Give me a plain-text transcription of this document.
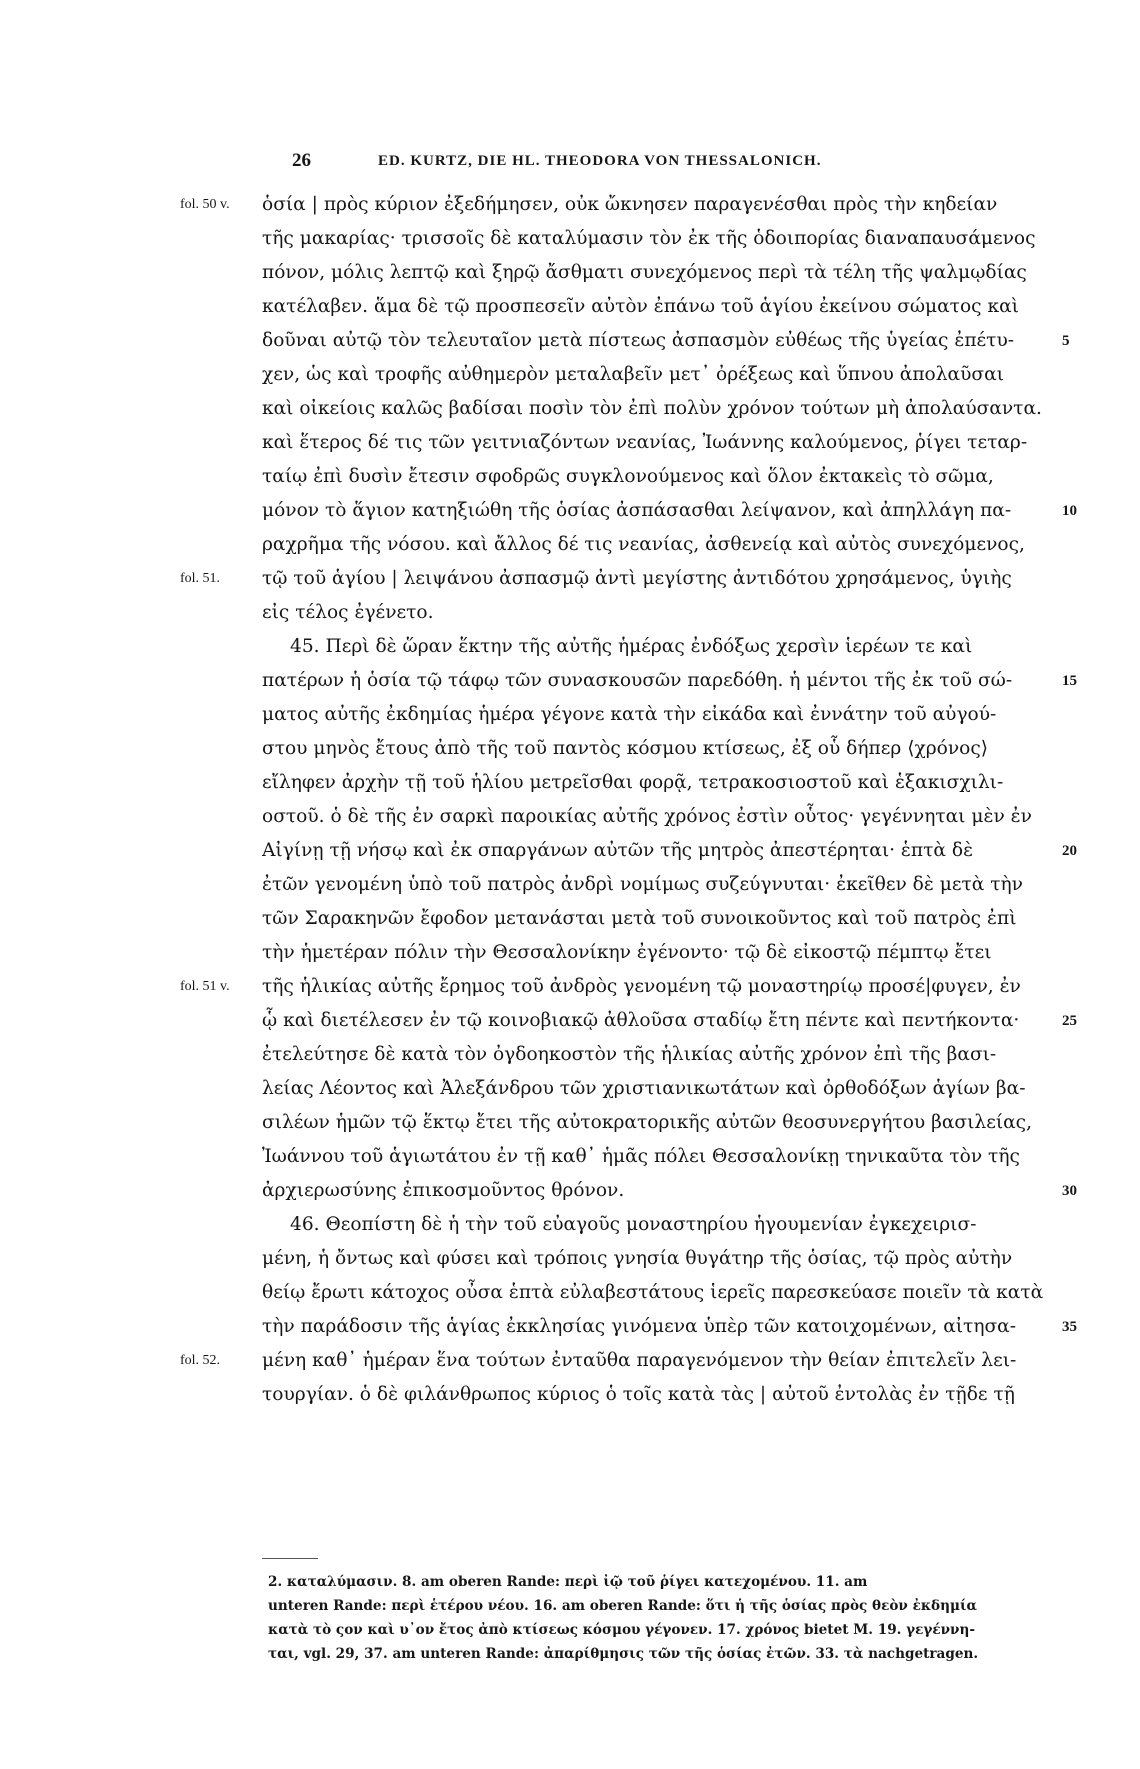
26	ED. KURTZ, DIE HL. THEODORA VON THESSALONICH.
fol. 50 v.
fol. 51.
fol. 51 v.
fol. 52.
5
10
15
20
25
30
35
ὁσία | πρὸς κύριον ἐξεδήμησεν, οὐκ ὤκνησεν παραγενέσθαι πρὸς τὴν κηδείαν
τῆς μακαρίας· τρισσοῖς δὲ καταλύμασιν τὸν ἐκ τῆς ὁδοιπορίας διαναπαυσάμενος
πόνον, μόλις λεπτῷ καὶ ξηρῷ ἄσθματι συνεχόμενος περὶ τὰ τέλη τῆς ψαλμῳδίας
κατέλαβεν. ἅμα δὲ τῷ προσπεσεῖν αὐτὸν ἐπάνω τοῦ ἁγίου ἐκείνου σώματος καὶ
δοῦναι αὐτῷ τὸν τελευταῖον μετὰ πίστεως ἀσπασμὸν εὐθέως τῆς ὑγείας ἐπέτυ-
χεν, ὡς καὶ τροφῆς αὐθημερὸν μεταλαβεῖν μετ᾽ ὀρέξεως καὶ ὕπνου ἀπολαῦσαι
καὶ οἰκείοις καλῶς βαδίσαι ποσὶν τὸν ἐπὶ πολὺν χρόνον τούτων μὴ ἀπολαύσαντα.
καὶ ἕτερος δέ τις τῶν γειτνιαζόντων νεανίας, Ἰωάννης καλούμενος, ῥίγει τεταρ-
ταίῳ ἐπὶ δυσὶν ἔτεσιν σφοδρῶς συγκλονούμενος καὶ ὅλον ἐκτακεὶς τὸ σῶμα,
μόνον τὸ ἅγιον κατηξιώθη τῆς ὁσίας ἀσπάσασθαι λείψανον, καὶ ἀπηλλάγη πα-
ραχρῆμα τῆς νόσου. καὶ ἄλλος δέ τις νεανίας, ἀσθενείᾳ καὶ αὐτὸς συνεχόμενος,
τῷ τοῦ ἁγίου | λειψάνου ἀσπασμῷ ἀντὶ μεγίστης ἀντιδότου χρησάμενος, ὑγιὴς
εἰς τέλος ἐγένετο.
45. Περὶ δὲ ὥραν ἕκτην τῆς αὐτῆς ἡμέρας ἐνδόξως χερσὶν ἱερέων τε καὶ
πατέρων ἡ ὁσία τῷ τάφῳ τῶν συνασκουσῶν παρεδόθη. ἡ μέντοι τῆς ἐκ τοῦ σώ-
ματος αὐτῆς ἐκδημίας ἡμέρα γέγονε κατὰ τὴν εἰκάδα καὶ ἐννάτην τοῦ αὐγού-
στου μηνὸς ἔτους ἀπὸ τῆς τοῦ παντὸς κόσμου κτίσεως, ἐξ οὗ δήπερ ⟨χρόνος⟩
εἴληφεν ἀρχὴν τῇ τοῦ ἡλίου μετρεῖσθαι φορᾷ, τετρακοσιοστοῦ καὶ ἑξακισχιλι-
οστοῦ. ὁ δὲ τῆς ἐν σαρκὶ παροικίας αὐτῆς χρόνος ἐστὶν οὗτος· γεγέννηται μὲν ἐν
Αἰγίνῃ τῇ νήσῳ καὶ ἐκ σπαργάνων αὐτῶν τῆς μητρὸς ἀπεστέρηται· ἑπτὰ δὲ
ἐτῶν γενομένη ὑπὸ τοῦ πατρὸς ἀνδρὶ νομίμως συζεύγνυται· ἐκεῖθεν δὲ μετὰ τὴν
τῶν Σαρακηνῶν ἔφοδον μετανάσται μετὰ τοῦ συνοικοῦντος καὶ τοῦ πατρὸς ἐπὶ
τὴν ἡμετέραν πόλιν τὴν Θεσσαλονίκην ἐγένοντο· τῷ δὲ εἰκοστῷ πέμπτῳ ἔτει
τῆς ἡλικίας αὐτῆς ἔρημος τοῦ ἀνδρὸς γενομένη τῷ μοναστηρίῳ προσέ|φυγεν, ἐν
ᾧ καὶ διετέλεσεν ἐν τῷ κοινοβιακῷ ἀθλοῦσα σταδίῳ ἔτη πέντε καὶ πεντήκοντα·
ἐτελεύτησε δὲ κατὰ τὸν ὀγδοηκοστὸν τῆς ἡλικίας αὐτῆς χρόνον ἐπὶ τῆς βασι-
λείας Λέοντος καὶ Ἀλεξάνδρου τῶν χριστιανικωτάτων καὶ ὀρθοδόξων ἁγίων βα-
σιλέων ἡμῶν τῷ ἕκτῳ ἔτει τῆς αὐτοκρατορικῆς αὐτῶν θεοσυνεργήτου βασιλείας,
Ἰωάννου τοῦ ἁγιωτάτου ἐν τῇ καθ᾽ ἡμᾶς πόλει Θεσσαλονίκῃ τηνικαῦτα τὸν τῆς
ἀρχιερωσύνης ἐπικοσμοῦντος θρόνον.
46. Θεοπίστη δὲ ἡ τὴν τοῦ εὐαγοῦς μοναστηρίου ἡγουμενίαν ἐγκεχειρισ-
μένη, ἡ ὄντως καὶ φύσει καὶ τρόποις γνησία θυγάτηρ τῆς ὁσίας, τῷ πρὸς αὐτὴν
θείῳ ἔρωτι κάτοχος οὖσα ἑπτὰ εὐλαβεστάτους ἱερεῖς παρεσκεύασε ποιεῖν τὰ κατὰ
τὴν παράδοσιν τῆς ἁγίας ἐκκλησίας γινόμενα ὑπὲρ τῶν κατοιχομένων, αἰτησα-
μένη καθ᾽ ἡμέραν ἕνα τούτων ἐνταῦθα παραγενόμενον τὴν θείαν ἐπιτελεῖν λει-
τουργίαν. ὁ δὲ φιλάνθρωπος κύριος ὁ τοῖς κατὰ τὰς | αὐτοῦ ἐντολὰς ἐν τῇδε τῇ
2. καταλύμασιν. 8. am oberen Rande: περὶ ἰῷ τοῦ ῥίγει κατεχομένου. 11. am
unteren Rande: περὶ ἑτέρου νέου. 16. am oberen Rande: ὅτι ἡ τῆς ὁσίας πρὸς θεὸν ἐκδημία
κατὰ τὸ ςον καὶ υ᾽ον ἔτος ἀπὸ κτίσεως κόσμου γέγονεν. 17. χρόνος bietet M. 19. γεγέννη-
ται, vgl. 29, 37. am unteren Rande: ἀπαρίθμησις τῶν τῆς ὁσίας ἐτῶν. 33. τὰ nachgetragen.
